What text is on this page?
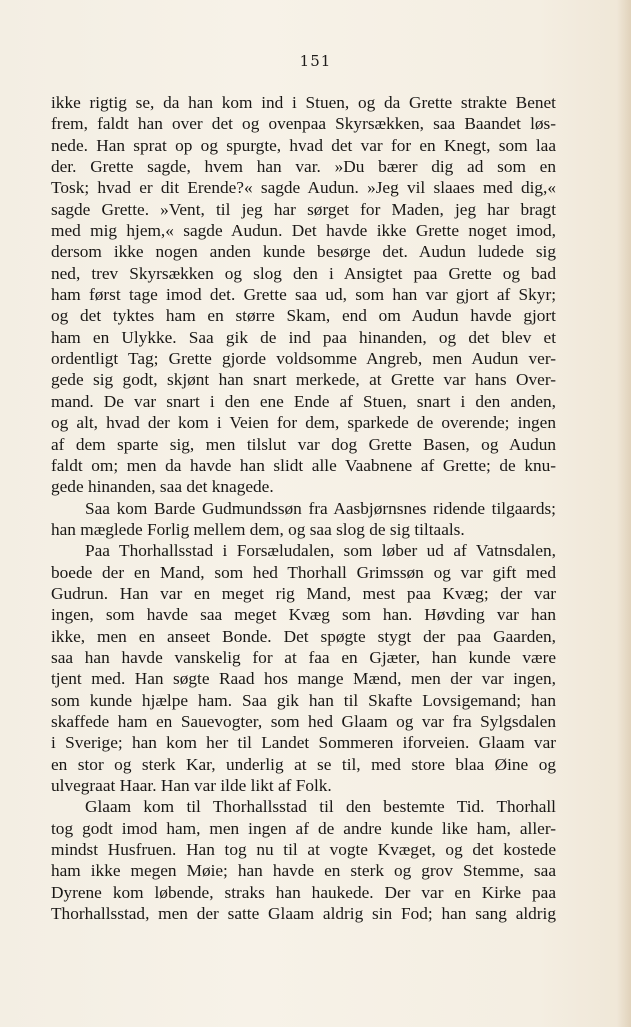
151
ikke rigtig se, da han kom ind i Stuen, og da Grette strakte Benet
frem, faldt han over det og ovenpaa Skyrsækken, saa Baandet løs-
nede. Han sprat op og spurgte, hvad det var for en Knegt, som laa
der. Grette sagde, hvem han var. »Du bærer dig ad som en
Tosk; hvad er dit Erende?« sagde Audun. »Jeg vil slaaes med dig,«
sagde Grette. »Vent, til jeg har sørget for Maden, jeg har bragt
med mig hjem,« sagde Audun. Det havde ikke Grette noget imod,
dersom ikke nogen anden kunde besørge det. Audun ludede sig
ned, trev Skyrsækken og slog den i Ansigtet paa Grette og bad
ham først tage imod det. Grette saa ud, som han var gjort af Skyr;
og det tyktes ham en større Skam, end om Audun havde gjort
ham en Ulykke. Saa gik de ind paa hinanden, og det blev et
ordentligt Tag; Grette gjorde voldsomme Angreb, men Audun ver-
gede sig godt, skjønt han snart merkede, at Grette var hans Over-
mand. De var snart i den ene Ende af Stuen, snart i den anden,
og alt, hvad der kom i Veien for dem, sparkede de overende; ingen
af dem sparte sig, men tilslut var dog Grette Basen, og Audun
faldt om; men da havde han slidt alle Vaabnene af Grette; de knu-
gede hinanden, saa det knagede.
Saa kom Barde Gudmundssøn fra Aasbjørnsnes ridende tilgaards;
han mæglede Forlig mellem dem, og saa slog de sig tiltaals.
Paa Thorhallsstad i Forsæludalen, som løber ud af Vatnsdalen,
boede der en Mand, som hed Thorhall Grimssøn og var gift med
Gudrun. Han var en meget rig Mand, mest paa Kvæg; der var
ingen, som havde saa meget Kvæg som han. Høvding var han
ikke, men en anseet Bonde. Det spøgte stygt der paa Gaarden,
saa han havde vanskelig for at faa en Gjæter, han kunde være
tjent med. Han søgte Raad hos mange Mænd, men der var ingen,
som kunde hjælpe ham. Saa gik han til Skafte Lovsigemand; han
skaffede ham en Sauevogter, som hed Glaam og var fra Sylgsdalen
i Sverige; han kom her til Landet Sommeren iforveien. Glaam var
en stor og sterk Kar, underlig at se til, med store blaa Øine og
ulvegraat Haar. Han var ilde likt af Folk.
Glaam kom til Thorhallsstad til den bestemte Tid. Thorhall
tog godt imod ham, men ingen af de andre kunde like ham, aller-
mindst Husfruen. Han tog nu til at vogte Kvæget, og det kostede
ham ikke megen Møie; han havde en sterk og grov Stemme, saa
Dyrene kom løbende, straks han haukede. Der var en Kirke paa
Thorhallsstad, men der satte Glaam aldrig sin Fod; han sang aldrig
